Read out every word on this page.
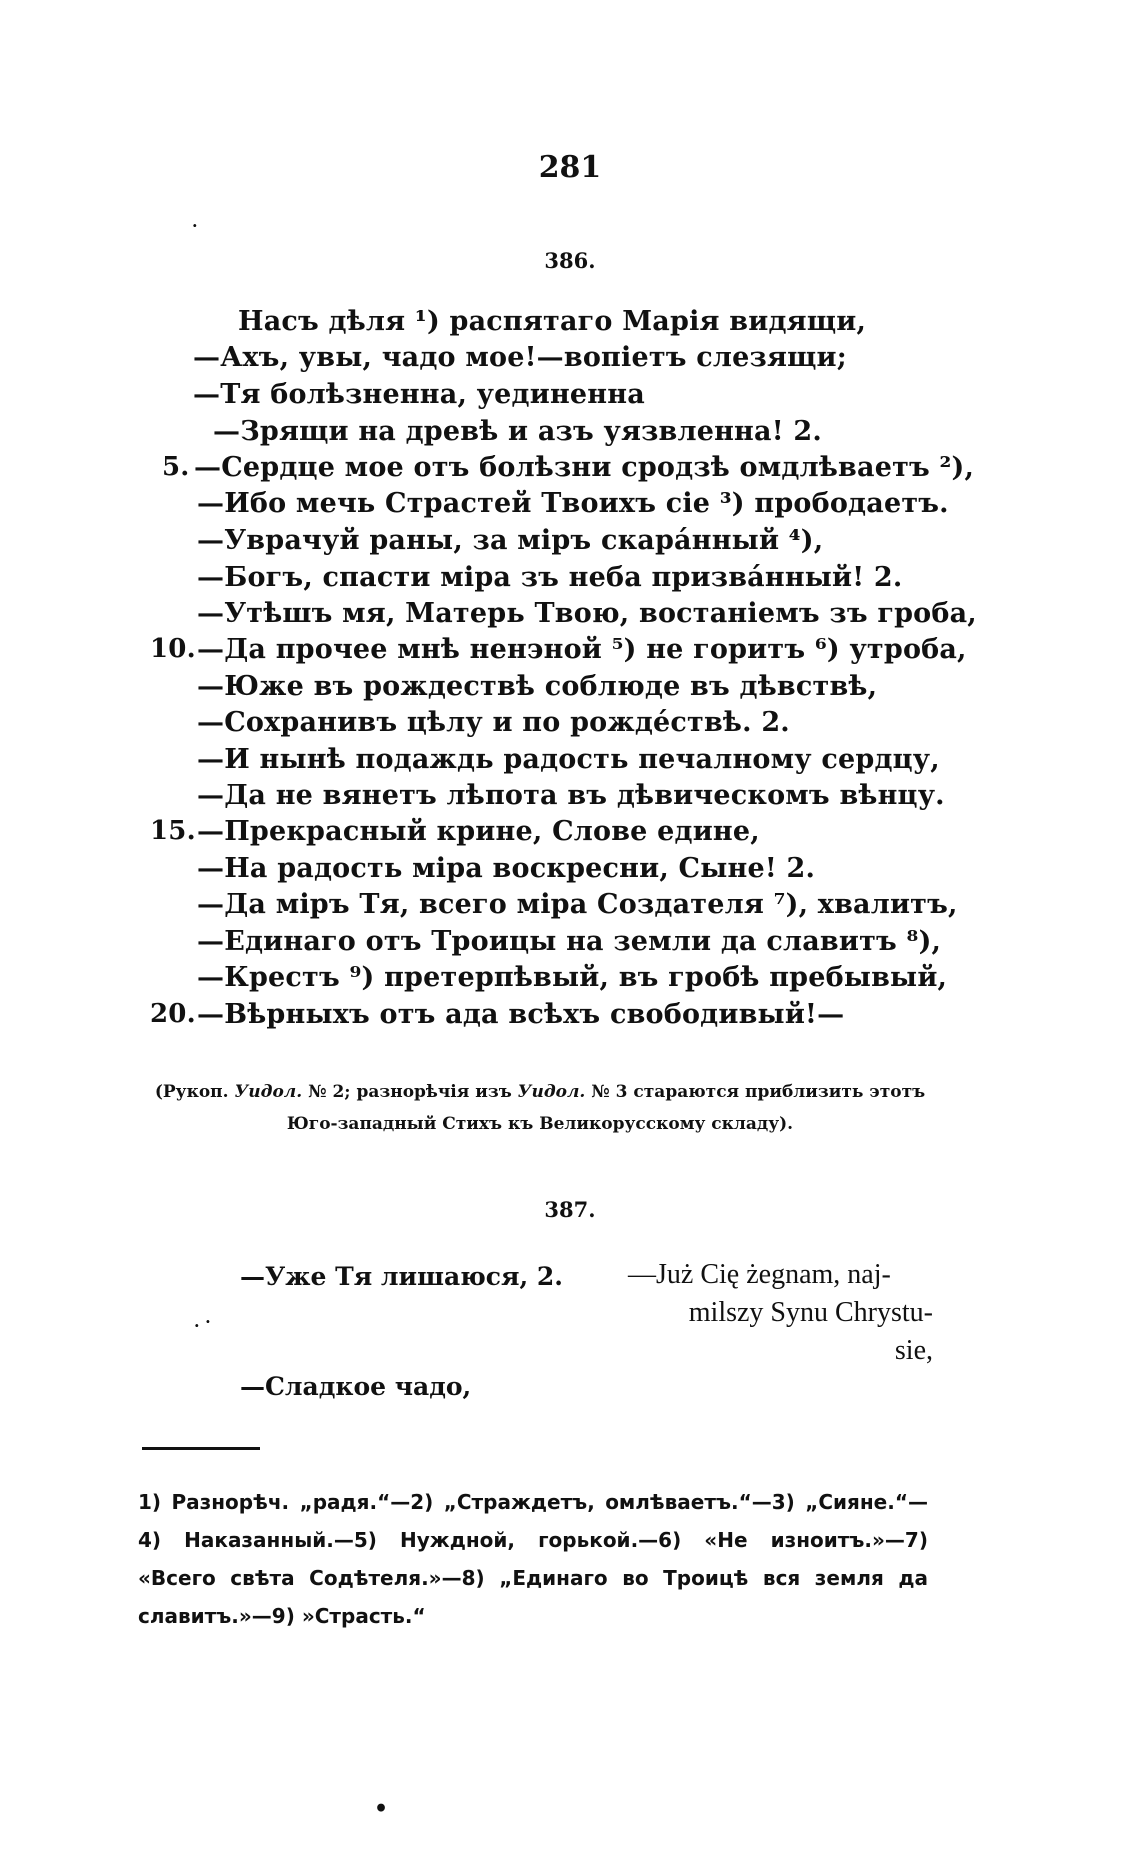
281
.
386.
Насъ дѣля ¹) распятаго Марія видящи,
—Ахъ, увы, чадо мое!—вопіетъ слезящи;
—Тя болѣзненна, уединенна
—Зрящи на древѣ и азъ уязвленна! 2.
5. —Сердце мое отъ болѣзни сродзѣ омдлѣваетъ ²),
—Ибо мечь Страстей Твоихъ сіе ³) прободаетъ.
—Уврачуй раны, за міръ скара́нный ⁴),
—Богъ, спасти міра зъ неба призва́нный! 2.
—Утѣшъ мя, Матерь Твою, востаніемъ зъ гроба,
10. —Да прочее мнѣ ненэной ⁵) не горитъ ⁶) утроба,
—Юже въ рождествѣ соблюде въ дѣвствѣ,
—Сохранивъ цѣлу и по рожде́ствѣ. 2.
—И нынѣ подаждь радость печалному сердцу,
—Да не вянетъ лѣпота въ дѣвическомъ вѣнцу.
15. —Прекрасный крине, Слове едине,
—На радость міра воскресни, Сыне! 2.
—Да міръ Тя, всего міра Создателя ⁷), хвалитъ,
—Единаго отъ Троицы на земли да славитъ ⁸),
—Крестъ ⁹) претерпѣвый, въ гробѣ пребывый,
20. —Вѣрныхъ отъ ада всѣхъ свободивый!—
(Рукоп. Уидол. № 2; разнорѣчія изъ Уидол. № 3 стараются приблизить этотъ Юго-западный Стихъ къ Великорусскому складу).
387.
—Уже Тя лишаюся, 2.
. ·
—Сладкое чадо,
—Już Cię żegnam, naj-
milszy Synu Chrystu-
sie,
1) Разнорѣч. „радя.“—2) „Страждетъ, омлѣваетъ.“—3) „Сияне.“—4) Наказанный.—5) Нуждной, горькой.—6) «Не изноитъ.»—7) «Всего свѣта Содѣтеля.»—8) „Единаго во Троицѣ вся земля да славитъ.»—9) »Страсть.“
•
